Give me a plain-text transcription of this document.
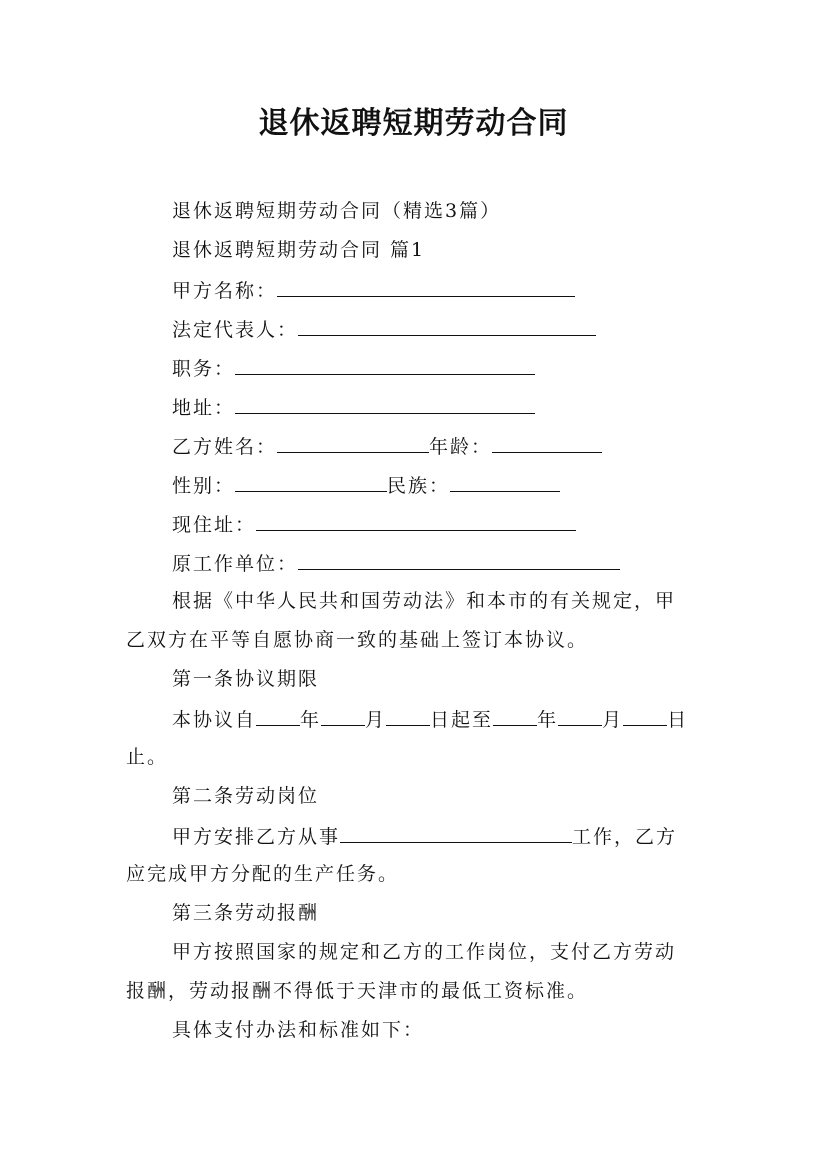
退休返聘短期劳动合同
退休返聘短期劳动合同（精选3篇）
退休返聘短期劳动合同 篇1
甲方名称：
法定代表人：
职务：
地址：
乙方姓名：	年龄：
性别：	民族：
现住址：
原工作单位：
根据《中华人民共和国劳动法》和本市的有关规定，甲
乙双方在平等自愿协商一致的基础上签订本协议。
第一条协议期限
本协议自 年 月 日起至 年 月 日
止。
第二条劳动岗位
甲方安排乙方从事	工作，乙方
应完成甲方分配的生产任务。
第三条劳动报酬
甲方按照国家的规定和乙方的工作岗位，支付乙方劳动
报酬，劳动报酬不得低于天津市的最低工资标准。
具体支付办法和标准如下：
